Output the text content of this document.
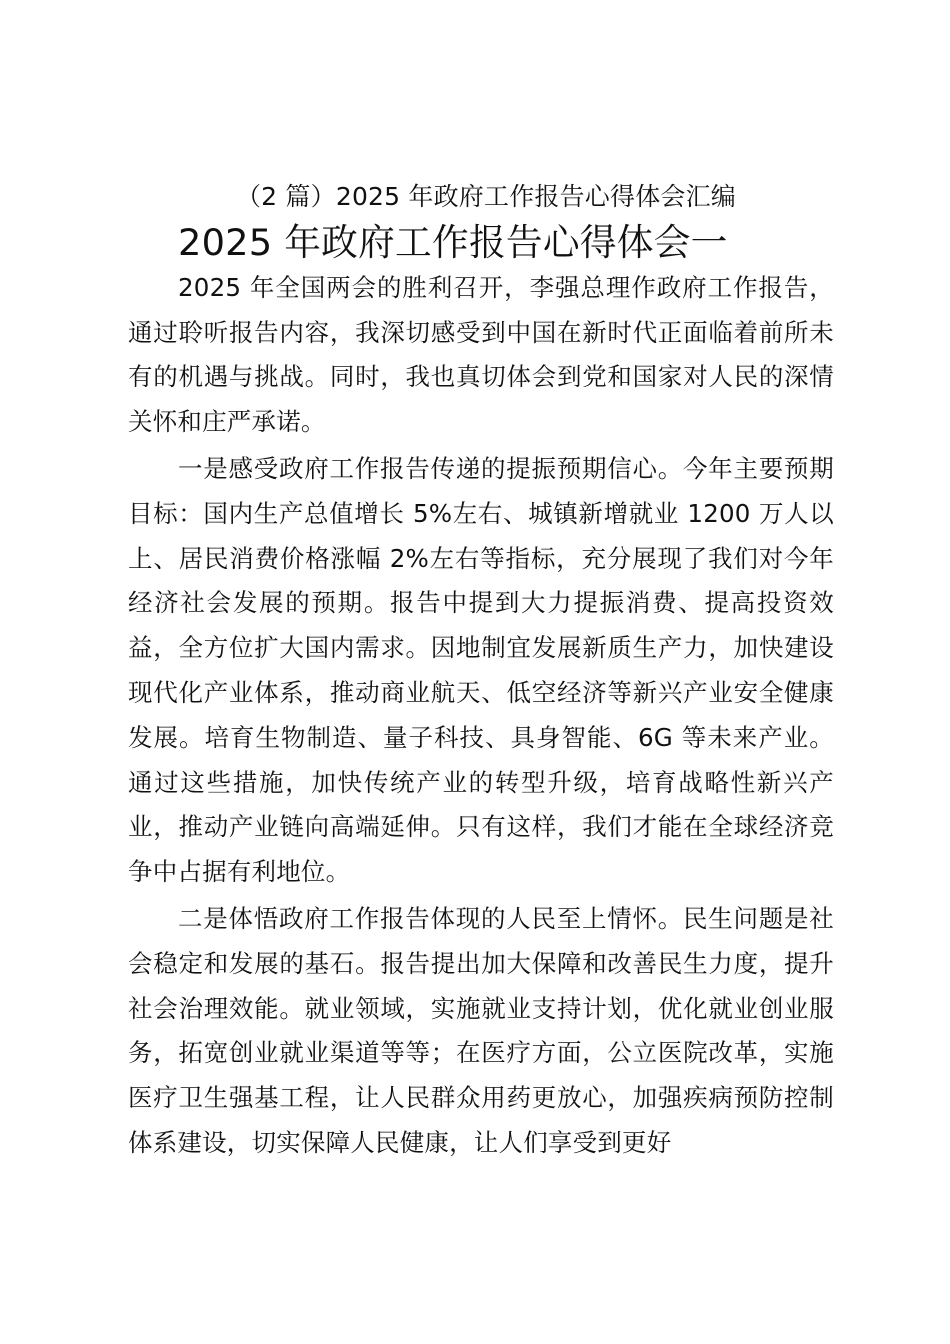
（2 篇）2025 年政府工作报告心得体会汇编
2025 年政府工作报告心得体会一

2025 年全国两会的胜利召开，李强总理作政府工作报告，通过聆听报告内容，我深切感受到中国在新时代正面临着前所未有的机遇与挑战。同时，我也真切体会到党和国家对人民的深情关怀和庄严承诺。

一是感受政府工作报告传递的提振预期信心。今年主要预期目标：国内生产总值增长 5%左右、城镇新增就业 1200 万人以上、居民消费价格涨幅 2%左右等指标，充分展现了我们对今年经济社会发展的预期。报告中提到大力提振消费、提高投资效益，全方位扩大国内需求。因地制宜发展新质生产力，加快建设现代化产业体系，推动商业航天、低空经济等新兴产业安全健康发展。培育生物制造、量子科技、具身智能、6G 等未来产业。通过这些措施，加快传统产业的转型升级，培育战略性新兴产业，推动产业链向高端延伸。只有这样，我们才能在全球经济竞争中占据有利地位。

二是体悟政府工作报告体现的人民至上情怀。民生问题是社会稳定和发展的基石。报告提出加大保障和改善民生力度，提升社会治理效能。就业领域，实施就业支持计划，优化就业创业服务，拓宽创业就业渠道等等；在医疗方面，公立医院改革，实施医疗卫生强基工程，让人民群众用药更放心，加强疾病预防控制体系建设，切实保障人民健康，让人们享受到更好
